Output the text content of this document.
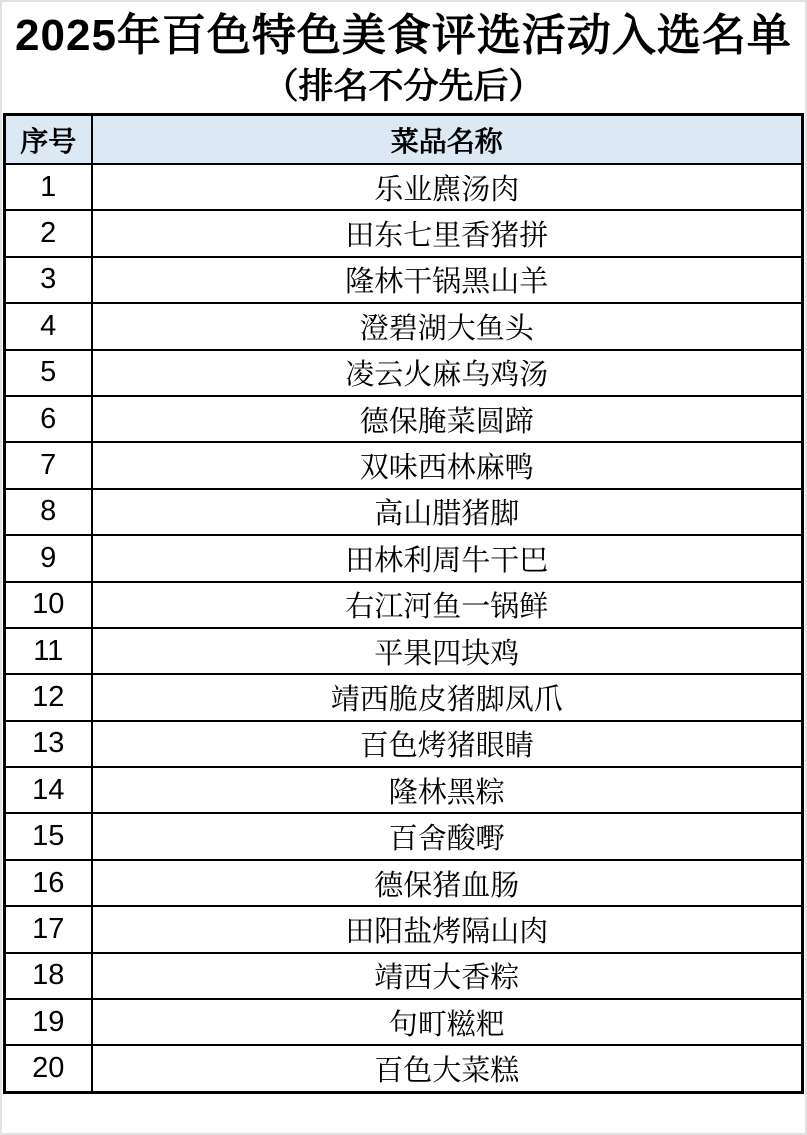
2025年百色特色美食评选活动入选名单
（排名不分先后）
序号	菜品名称
1	乐业麃汤肉
2	田东七里香猪拼
3	隆林干锅黑山羊
4	澄碧湖大鱼头
5	凌云火麻乌鸡汤
6	德保腌菜圆蹄
7	双味西林麻鸭
8	高山腊猪脚
9	田林利周牛干巴
10	右江河鱼一锅鲜
11	平果四块鸡
12	靖西脆皮猪脚凤爪
13	百色烤猪眼睛
14	隆林黑粽
15	百舍酸嘢
16	德保猪血肠
17	田阳盐烤隔山肉
18	靖西大香粽
19	句町糍粑
20	百色大菜糕
